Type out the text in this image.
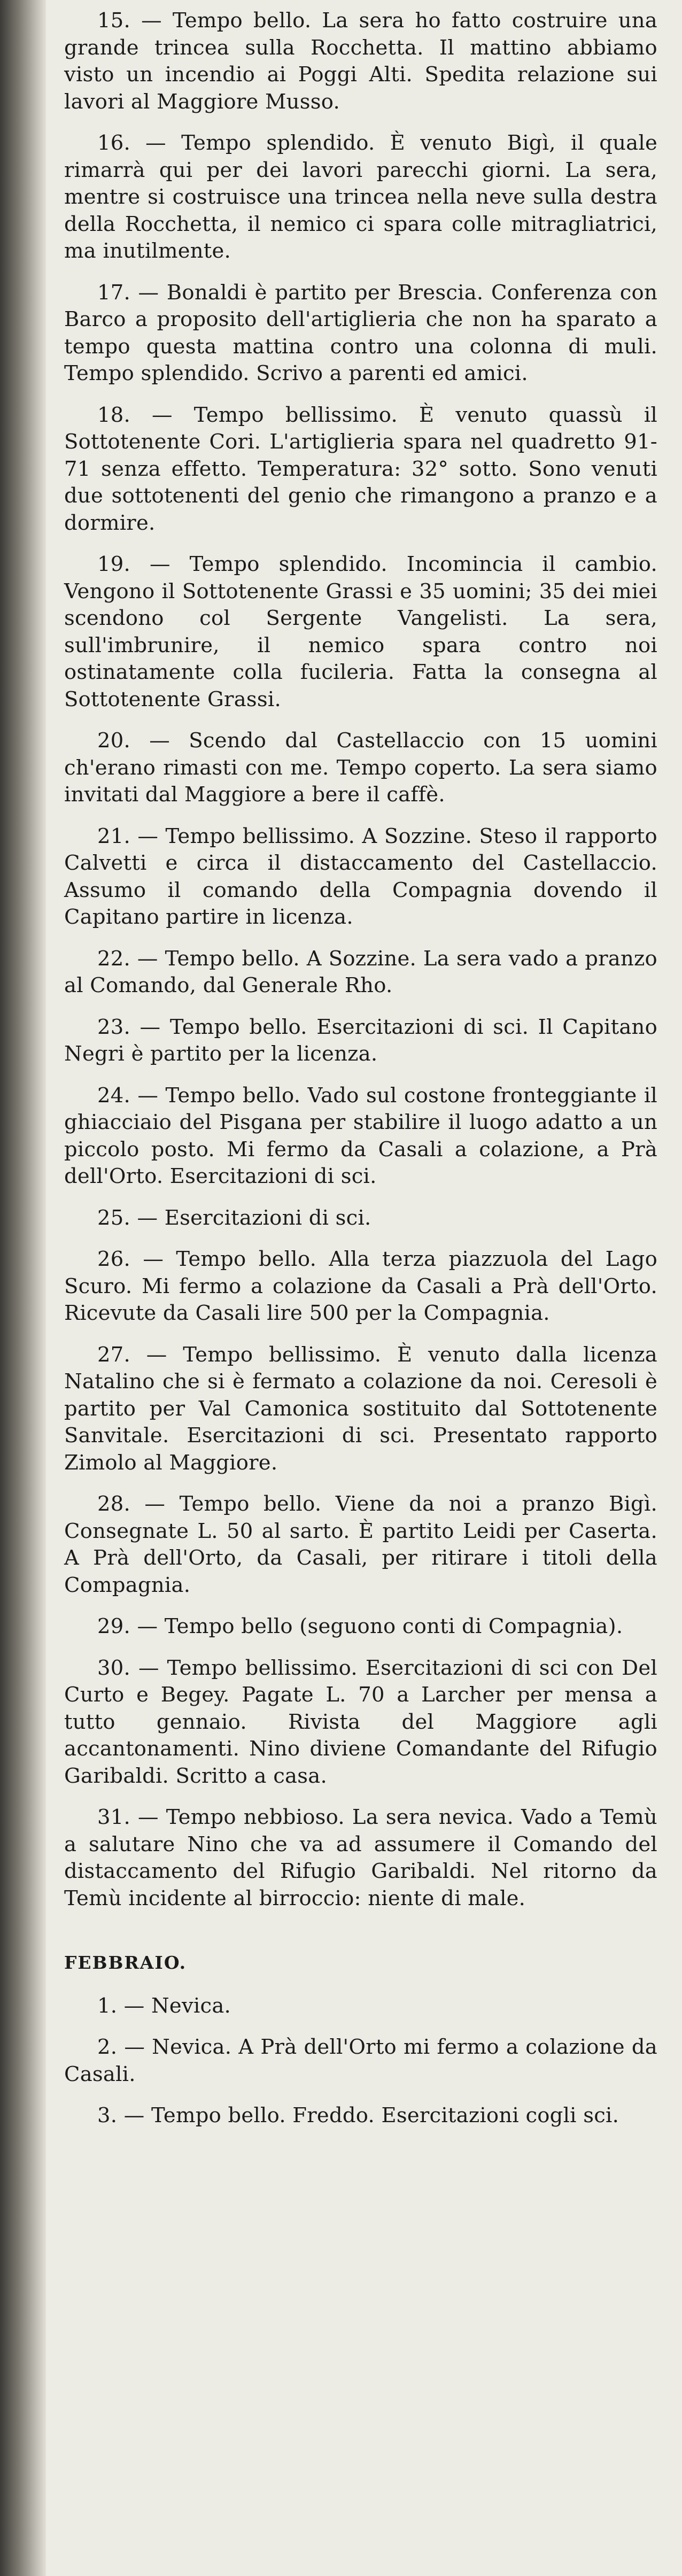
15. — Tempo bello. La sera ho fatto costruire una grande trincea sulla Rocchetta. Il mattino abbiamo visto un incendio ai Poggi Alti. Spedita relazione sui lavori al Maggiore Musso.

16. — Tempo splendido. È venuto Bigì, il quale rimarrà qui per dei lavori parecchi giorni. La sera, mentre si costruisce una trincea nella neve sulla destra della Rocchetta, il nemico ci spara colle mitragliatrici, ma inutilmente.

17. — Bonaldi è partito per Brescia. Conferenza con Barco a proposito dell'artiglieria che non ha sparato a tempo questa mattina contro una colonna di muli. Tempo splendido. Scrivo a parenti ed amici.

18. — Tempo bellissimo. È venuto quassù il Sottotenente Cori. L'artiglieria spara nel quadretto 91-71 senza effetto. Temperatura: 32° sotto. Sono venuti due sottotenenti del genio che rimangono a pranzo e a dormire.

19. — Tempo splendido. Incomincia il cambio. Vengono il Sottotenente Grassi e 35 uomini; 35 dei miei scendono col Sergente Vangelisti. La sera, sull'imbrunire, il nemico spara contro noi ostinatamente colla fucileria. Fatta la consegna al Sottotenente Grassi.

20. — Scendo dal Castellaccio con 15 uomini ch'erano rimasti con me. Tempo coperto. La sera siamo invitati dal Maggiore a bere il caffè.

21. — Tempo bellissimo. A Sozzine. Steso il rapporto Calvetti e circa il distaccamento del Castellaccio. Assumo il comando della Compagnia dovendo il Capitano partire in licenza.

22. — Tempo bello. A Sozzine. La sera vado a pranzo al Comando, dal Generale Rho.

23. — Tempo bello. Esercitazioni di sci. Il Capitano Negri è partito per la licenza.

24. — Tempo bello. Vado sul costone fronteggiante il ghiacciaio del Pisgana per stabilire il luogo adatto a un piccolo posto. Mi fermo da Casali a colazione, a Prà dell'Orto. Esercitazioni di sci.

25. — Esercitazioni di sci.

26. — Tempo bello. Alla terza piazzuola del Lago Scuro. Mi fermo a colazione da Casali a Prà dell'Orto. Ricevute da Casali lire 500 per la Compagnia.

27. — Tempo bellissimo. È venuto dalla licenza Natalino che si è fermato a colazione da noi. Ceresoli è partito per Val Camonica sostituito dal Sottotenente Sanvitale. Esercitazioni di sci. Presentato rapporto Zimolo al Maggiore.

28. — Tempo bello. Viene da noi a pranzo Bigì. Consegnate L. 50 al sarto. È partito Leidi per Caserta. A Prà dell'Orto, da Casali, per ritirare i titoli della Compagnia.

29. — Tempo bello (seguono conti di Compagnia).

30. — Tempo bellissimo. Esercitazioni di sci con Del Curto e Begey. Pagate L. 70 a Larcher per mensa a tutto gennaio. Rivista del Maggiore agli accantonamenti. Nino diviene Comandante del Rifugio Garibaldi. Scritto a casa.

31. — Tempo nebbioso. La sera nevica. Vado a Temù a salutare Nino che va ad assumere il Comando del distaccamento del Rifugio Garibaldi. Nel ritorno da Temù incidente al birroccio: niente di male.

FEBBRAIO.

1. — Nevica.

2. — Nevica. A Prà dell'Orto mi fermo a colazione da Casali.

3. — Tempo bello. Freddo. Esercitazioni cogli sci.
